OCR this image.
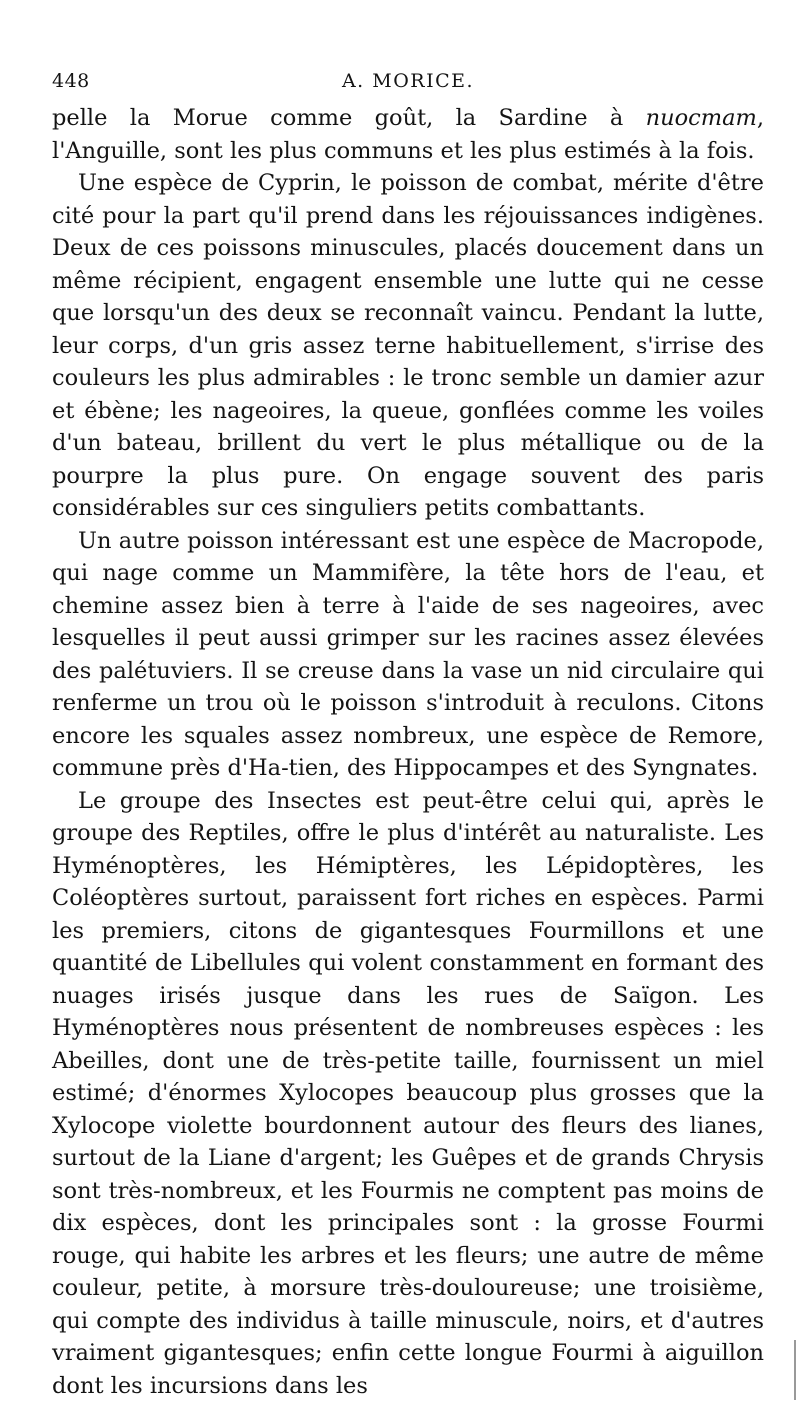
448	A. MORICE.

pelle la Morue comme goût, la Sardine à nuocmam, l'Anguille, sont les plus communs et les plus estimés à la fois.

Une espèce de Cyprin, le poisson de combat, mérite d'être cité pour la part qu'il prend dans les réjouissances indigènes. Deux de ces poissons minuscules, placés doucement dans un même récipient, engagent ensemble une lutte qui ne cesse que lorsqu'un des deux se reconnaît vaincu. Pendant la lutte, leur corps, d'un gris assez terne habituellement, s'irrise des couleurs les plus admirables : le tronc semble un damier azur et ébène; les nageoires, la queue, gonflées comme les voiles d'un bateau, brillent du vert le plus métallique ou de la pourpre la plus pure. On engage souvent des paris considérables sur ces singuliers petits combattants.

Un autre poisson intéressant est une espèce de Macropode, qui nage comme un Mammifère, la tête hors de l'eau, et chemine assez bien à terre à l'aide de ses nageoires, avec lesquelles il peut aussi grimper sur les racines assez élevées des palétuviers. Il se creuse dans la vase un nid circulaire qui renferme un trou où le poisson s'introduit à reculons. Citons encore les squales assez nombreux, une espèce de Remore, commune près d'Ha-tien, des Hippocampes et des Syngnates.

Le groupe des Insectes est peut-être celui qui, après le groupe des Reptiles, offre le plus d'intérêt au naturaliste. Les Hyménoptères, les Hémiptères, les Lépidoptères, les Coléoptères surtout, paraissent fort riches en espèces. Parmi les premiers, citons de gigantesques Fourmillons et une quantité de Libellules qui volent constamment en formant des nuages irisés jusque dans les rues de Saïgon. Les Hyménoptères nous présentent de nombreuses espèces : les Abeilles, dont une de très-petite taille, fournissent un miel estimé; d'énormes Xylocopes beaucoup plus grosses que la Xylocope violette bourdonnent autour des fleurs des lianes, surtout de la Liane d'argent; les Guêpes et de grands Chrysis sont très-nombreux, et les Fourmis ne comptent pas moins de dix espèces, dont les principales sont : la grosse Fourmi rouge, qui habite les arbres et les fleurs; une autre de même couleur, petite, à morsure très-douloureuse; une troisième, qui compte des individus à taille minuscule, noirs, et d'autres vraiment gigantesques; enfin cette longue Fourmi à aiguillon dont les incursions dans les
